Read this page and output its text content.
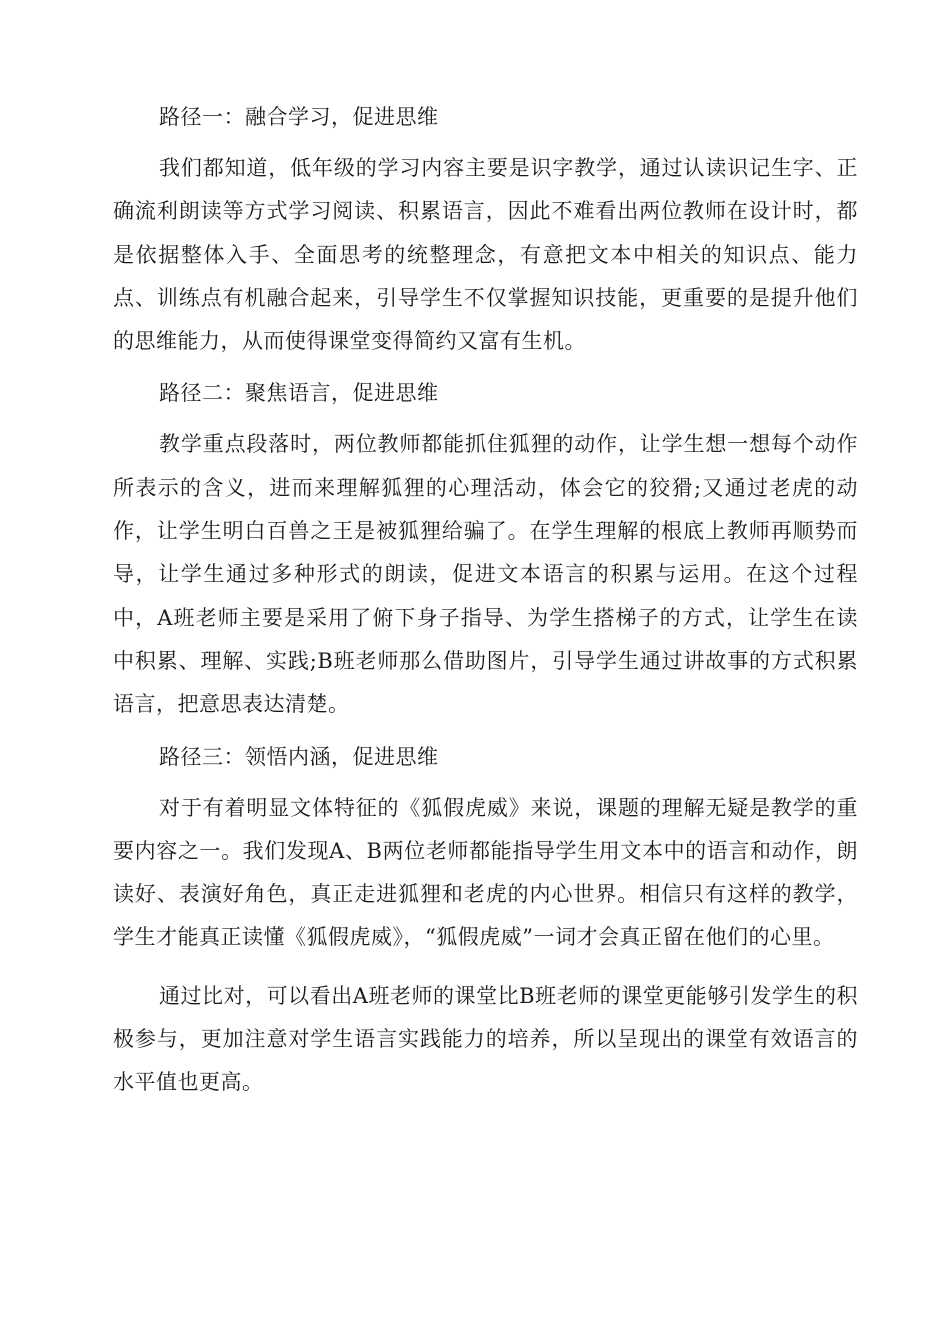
路径一：融合学习，促进思维

我们都知道，低年级的学习内容主要是识字教学，通过认读识记生字、正确流利朗读等方式学习阅读、积累语言，因此不难看出两位教师在设计时，都是依据整体入手、全面思考的统整理念，有意把文本中相关的知识点、能力点、训练点有机融合起来，引导学生不仅掌握知识技能，更重要的是提升他们的思维能力，从而使得课堂变得简约又富有生机。

路径二：聚焦语言，促进思维

教学重点段落时，两位教师都能抓住狐狸的动作，让学生想一想每个动作所表示的含义，进而来理解狐狸的心理活动，体会它的狡猾;又通过老虎的动作，让学生明白百兽之王是被狐狸给骗了。在学生理解的根底上教师再顺势而导，让学生通过多种形式的朗读，促进文本语言的积累与运用。在这个过程中，A班老师主要是采用了俯下身子指导、为学生搭梯子的方式，让学生在读中积累、理解、实践;B班老师那么借助图片，引导学生通过讲故事的方式积累语言，把意思表达清楚。

路径三：领悟内涵，促进思维

对于有着明显文体特征的《狐假虎威》来说，课题的理解无疑是教学的重要内容之一。我们发现A、B两位老师都能指导学生用文本中的语言和动作，朗读好、表演好角色，真正走进狐狸和老虎的内心世界。相信只有这样的教学，学生才能真正读懂《狐假虎威》，“狐假虎威”一词才会真正留在他们的心里。

通过比对，可以看出A班老师的课堂比B班老师的课堂更能够引发学生的积极参与，更加注意对学生语言实践能力的培养，所以呈现出的课堂有效语言的水平值也更高。
